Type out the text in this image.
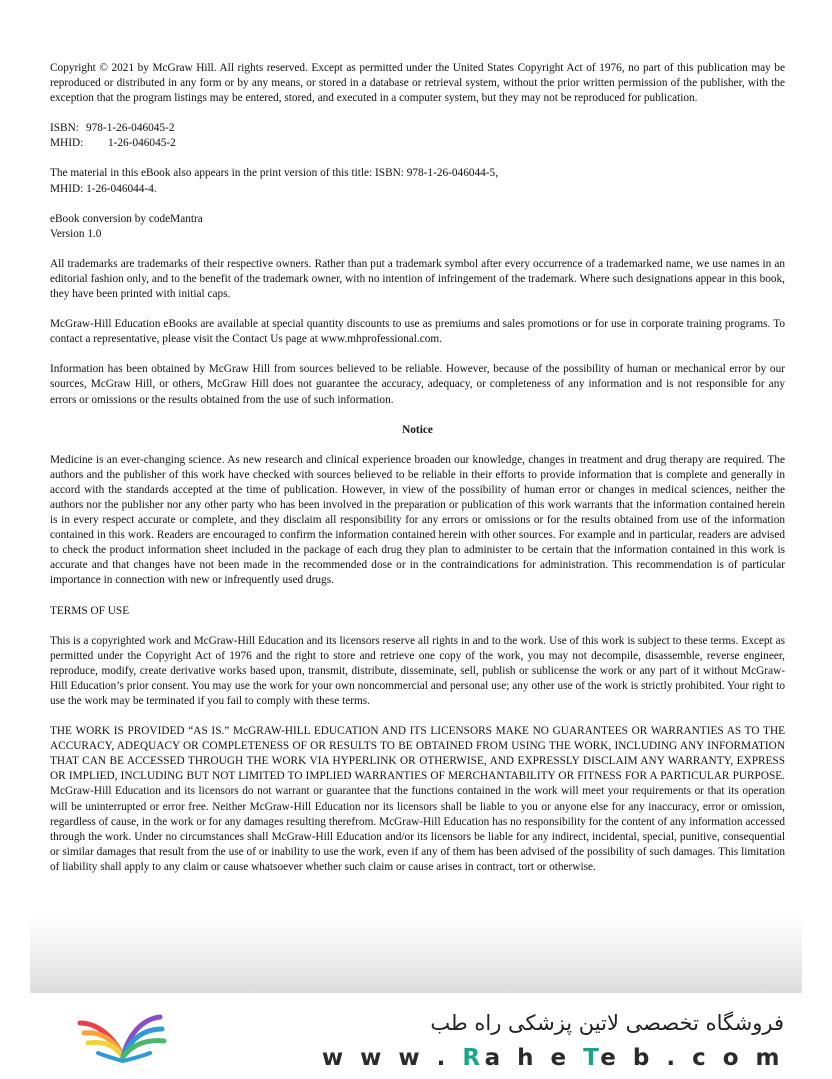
Copyright © 2021 by McGraw Hill. All rights reserved. Except as permitted under the United States Copyright Act of 1976, no part of this publication may be reproduced or distributed in any form or by any means, or stored in a database or retrieval system, without the prior written permission of the publisher, with the exception that the program listings may be entered, stored, and executed in a computer system, but they may not be reproduced for publication.

ISBN: 978-1-26-046045-2
MHID: 1-26-046045-2

The material in this eBook also appears in the print version of this title: ISBN: 978-1-26-046044-5,
MHID: 1-26-046044-4.

eBook conversion by codeMantra
Version 1.0

All trademarks are trademarks of their respective owners. Rather than put a trademark symbol after every occurrence of a trademarked name, we use names in an editorial fashion only, and to the benefit of the trademark owner, with no intention of infringement of the trademark. Where such designations appear in this book, they have been printed with initial caps.

McGraw-Hill Education eBooks are available at special quantity discounts to use as premiums and sales promotions or for use in corporate training programs. To contact a representative, please visit the Contact Us page at www.mhprofessional.com.

Information has been obtained by McGraw Hill from sources believed to be reliable. However, because of the possibility of human or mechanical error by our sources, McGraw Hill, or others, McGraw Hill does not guarantee the accuracy, adequacy, or completeness of any information and is not responsible for any errors or omissions or the results obtained from the use of such information.

Notice

Medicine is an ever-changing science. As new research and clinical experience broaden our knowledge, changes in treatment and drug therapy are required. The authors and the publisher of this work have checked with sources believed to be reliable in their efforts to provide information that is complete and generally in accord with the standards accepted at the time of publication. However, in view of the possibility of human error or changes in medical sciences, neither the authors nor the publisher nor any other party who has been involved in the preparation or publication of this work warrants that the information contained herein is in every respect accurate or complete, and they disclaim all responsibility for any errors or omissions or for the results obtained from use of the information contained in this work. Readers are encouraged to confirm the information contained herein with other sources. For example and in particular, readers are advised to check the product information sheet included in the package of each drug they plan to administer to be certain that the information contained in this work is accurate and that changes have not been made in the recommended dose or in the contraindications for administration. This recommendation is of particular importance in connection with new or infrequently used drugs.

TERMS OF USE

This is a copyrighted work and McGraw-Hill Education and its licensors reserve all rights in and to the work. Use of this work is subject to these terms. Except as permitted under the Copyright Act of 1976 and the right to store and retrieve one copy of the work, you may not decompile, disassemble, reverse engineer, reproduce, modify, create derivative works based upon, transmit, distribute, disseminate, sell, publish or sublicense the work or any part of it without McGraw-Hill Education’s prior consent. You may use the work for your own noncommercial and personal use; any other use of the work is strictly prohibited. Your right to use the work may be terminated if you fail to comply with these terms.

THE WORK IS PROVIDED “AS IS.” McGRAW-HILL EDUCATION AND ITS LICENSORS MAKE NO GUARANTEES OR WARRANTIES AS TO THE ACCURACY, ADEQUACY OR COMPLETENESS OF OR RESULTS TO BE OBTAINED FROM USING THE WORK, INCLUDING ANY INFORMATION THAT CAN BE ACCESSED THROUGH THE WORK VIA HYPERLINK OR OTHERWISE, AND EXPRESSLY DISCLAIM ANY WARRANTY, EXPRESS OR IMPLIED, INCLUDING BUT NOT LIMITED TO IMPLIED WARRANTIES OF MERCHANTABILITY OR FITNESS FOR A PARTICULAR PURPOSE. McGraw-Hill Education and its licensors do not warrant or guarantee that the functions contained in the work will meet your requirements or that its operation will be uninterrupted or error free. Neither McGraw-Hill Education nor its licensors shall be liable to you or anyone else for any inaccuracy, error or omission, regardless of cause, in the work or for any damages resulting therefrom. McGraw-Hill Education has no responsibility for the content of any information accessed through the work. Under no circumstances shall McGraw-Hill Education and/or its licensors be liable for any indirect, incidental, special, punitive, consequential or similar damages that result from the use of or inability to use the work, even if any of them has been advised of the possibility of such damages. This limitation of liability shall apply to any claim or cause whatsoever whether such claim or cause arises in contract, tort or otherwise.

فروشگاه تخصصی لاتین پزشکی راه طب
w w w . Ra h e Te b . c o m
